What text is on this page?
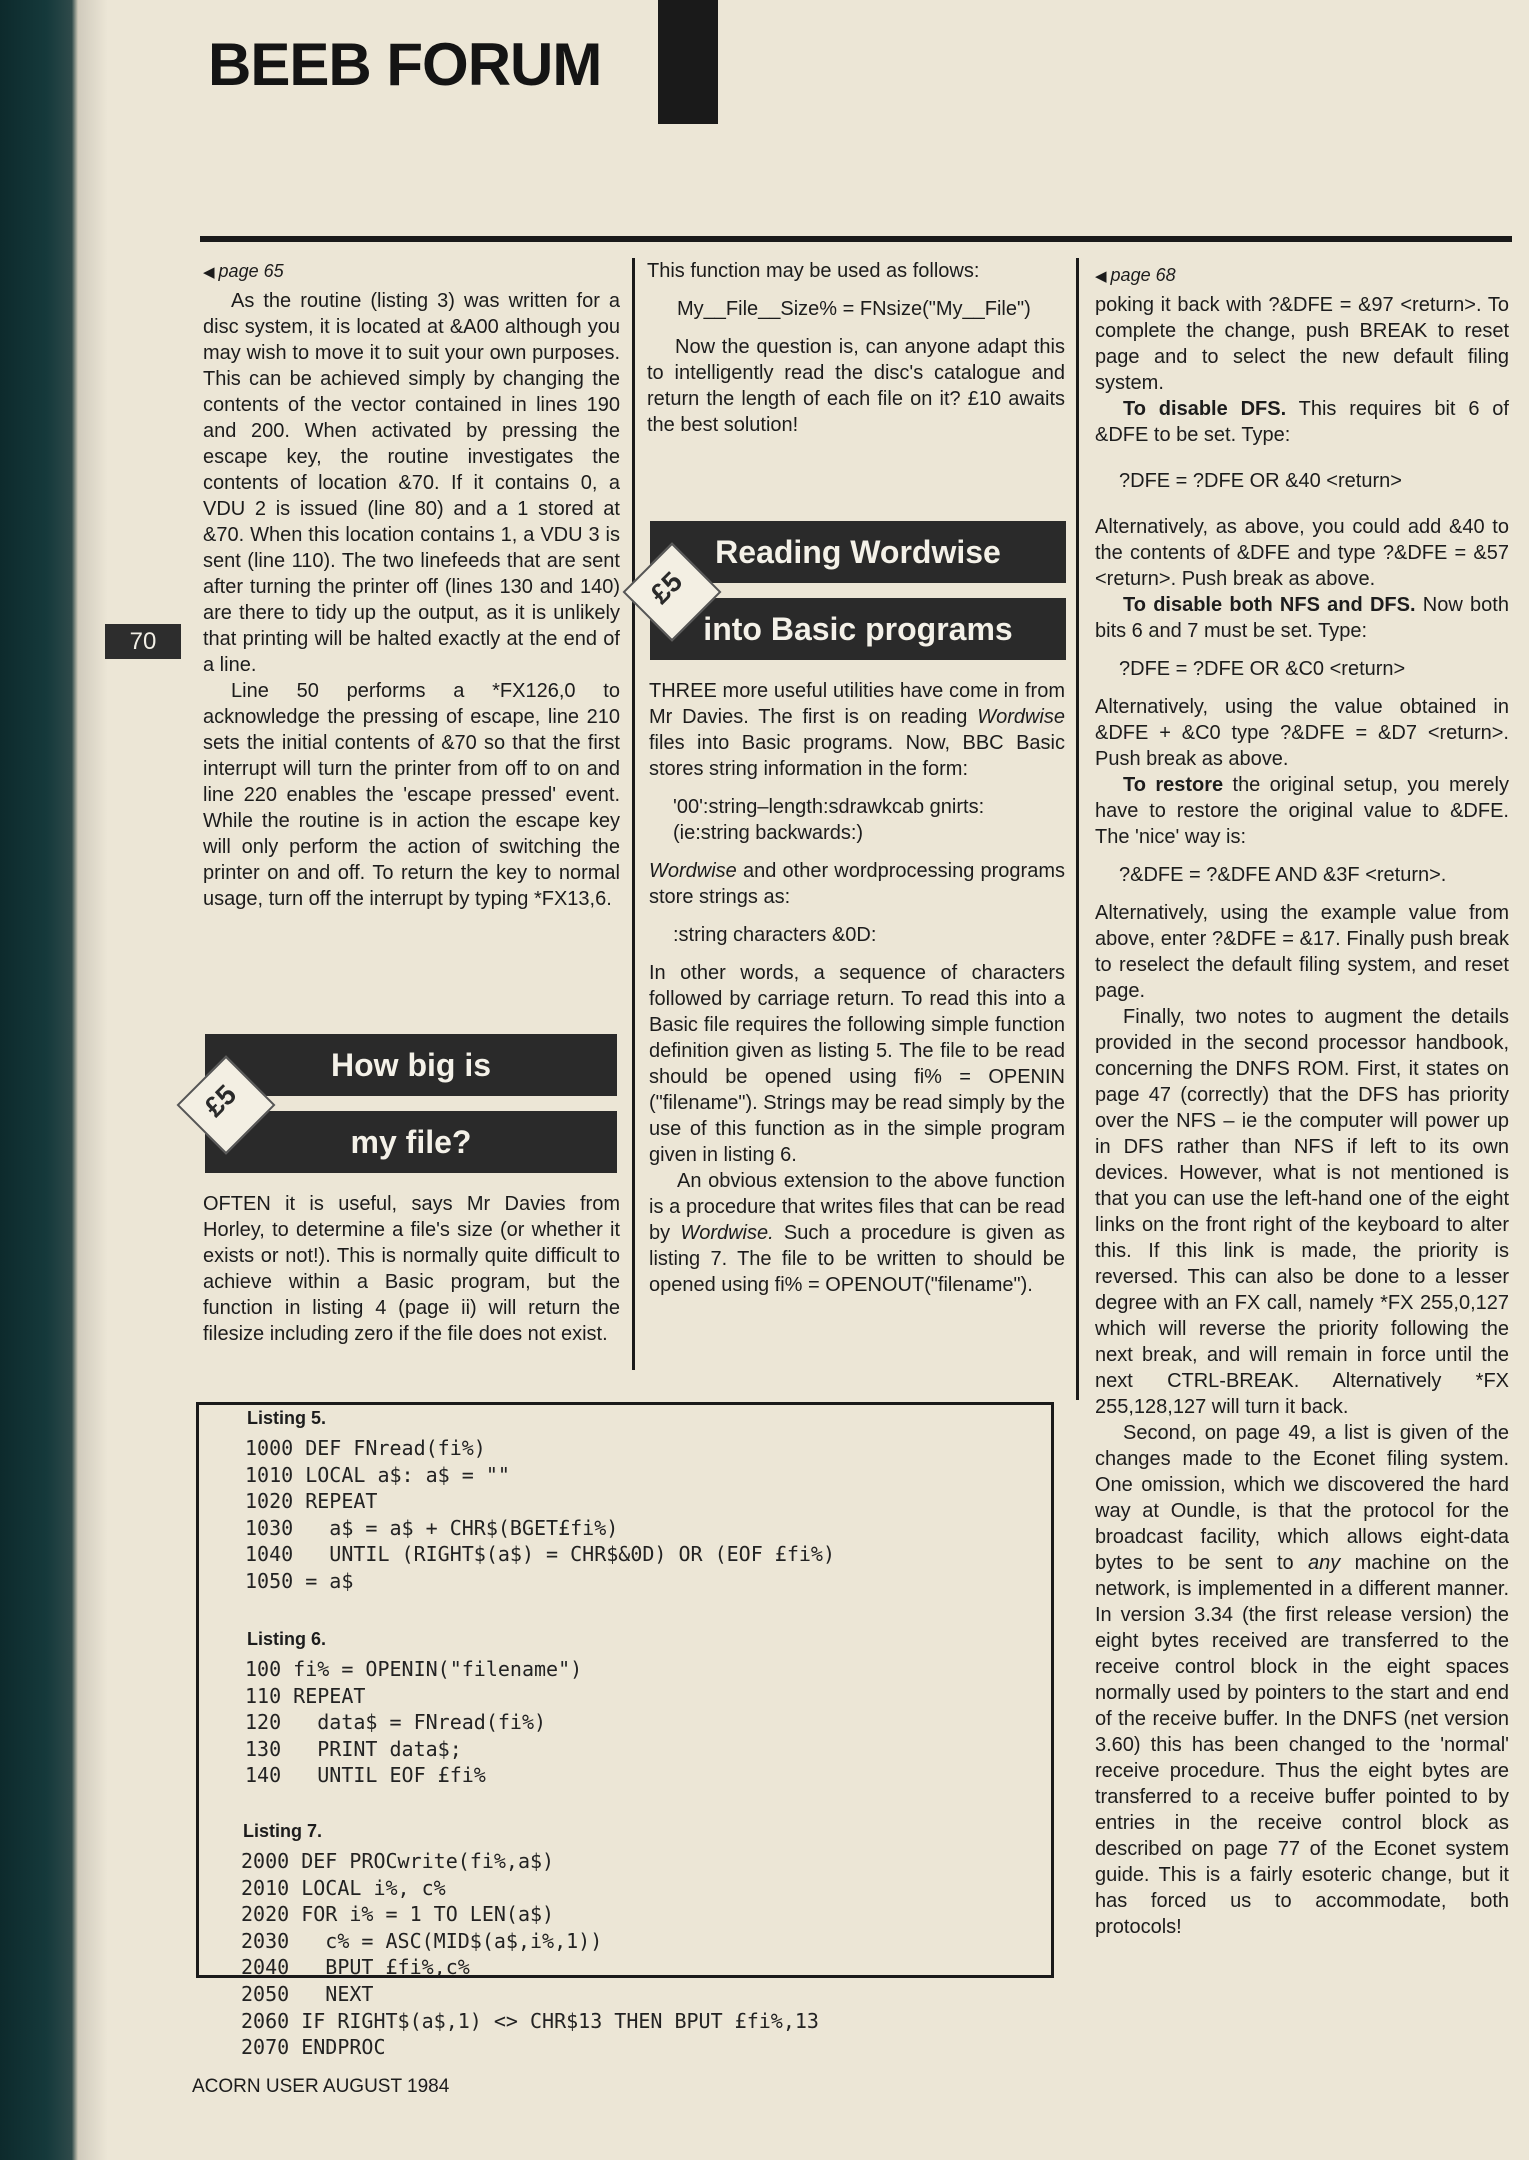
BEEB FORUM
70

◀ page 65

As the routine (listing 3) was written for a disc system, it is located at &A00 although you may wish to move it to suit your own purposes. This can be achieved simply by changing the contents of the vector contained in lines 190 and 200. When activated by pressing the escape key, the routine investigates the contents of location &70. If it contains 0, a VDU 2 is issued (line 80) and a 1 stored at &70. When this location contains 1, a VDU 3 is sent (line 110). The two linefeeds that are sent after turning the printer off (lines 130 and 140) are there to tidy up the output, as it is unlikely that printing will be halted exactly at the end of a line.

Line 50 performs a *FX126,0 to acknowledge the pressing of escape, line 210 sets the initial contents of &70 so that the first interrupt will turn the printer from off to on and line 220 enables the 'escape pressed' event. While the routine is in action the escape key will only perform the action of switching the printer on and off. To return the key to normal usage, turn off the interrupt by typing *FX13,6.

How big is
my file?
£5

OFTEN it is useful, says Mr Davies from Horley, to determine a file's size (or whether it exists or not!). This is normally quite difficult to achieve within a Basic program, but the function in listing 4 (page ii) will return the filesize including zero if the file does not exist.

This function may be used as follows:

My__File__Size% = FNsize("My__File")

Now the question is, can anyone adapt this to intelligently read the disc's catalogue and return the length of each file on it? £10 awaits the best solution!

Reading Wordwise
into Basic programs
£5

THREE more useful utilities have come in from Mr Davies. The first is on reading Wordwise files into Basic programs. Now, BBC Basic stores string information in the form:

'00':string–length:sdrawkcab gnirts: (ie:string backwards:)

Wordwise and other wordprocessing programs store strings as:

:string characters &0D:

In other words, a sequence of characters followed by carriage return. To read this into a Basic file requires the following simple function definition given as listing 5. The file to be read should be opened using fi% = OPENIN ("filename"). Strings may be read simply by the use of this function as in the simple program given in listing 6.

An obvious extension to the above function is a procedure that writes files that can be read by Wordwise. Such a procedure is given as listing 7. The file to be written to should be opened using fi% = OPENOUT("filename").

Listing 5.
1000 DEF FNread(fi%)
1010 LOCAL a$: a$ = ""
1020 REPEAT
1030   a$ = a$ + CHR$(BGET£fi%)
1040   UNTIL (RIGHT$(a$) = CHR$&0D) OR (EOF £fi%)
1050 = a$
Listing 6.
100 fi% = OPENIN("filename")
110 REPEAT
120   data$ = FNread(fi%)
130   PRINT data$;
140   UNTIL EOF £fi%
Listing 7.
2000 DEF PROCwrite(fi%,a$)
2010 LOCAL i%, c%
2020 FOR i% = 1 TO LEN(a$)
2030   c% = ASC(MID$(a$,i%,1))
2040   BPUT £fi%,c%
2050   NEXT
2060 IF RIGHT$(a$,1) <> CHR$13 THEN BPUT £fi%,13
2070 ENDPROC

◀ page 68

poking it back with ?&DFE = &97 <return>. To complete the change, push BREAK to reset page and to select the new default filing system.

To disable DFS. This requires bit 6 of &DFE to be set. Type:

?DFE = ?DFE OR &40 <return>

Alternatively, as above, you could add &40 to the contents of &DFE and type ?&DFE = &57 <return>. Push break as above.

To disable both NFS and DFS. Now both bits 6 and 7 must be set. Type:

?DFE = ?DFE OR &C0 <return>

Alternatively, using the value obtained in &DFE + &C0 type ?&DFE = &D7 <return>. Push break as above.

To restore the original setup, you merely have to restore the original value to &DFE. The 'nice' way is:

?&DFE = ?&DFE AND &3F <return>.

Alternatively, using the example value from above, enter ?&DFE = &17. Finally push break to reselect the default filing system, and reset page.

Finally, two notes to augment the details provided in the second processor handbook, concerning the DNFS ROM. First, it states on page 47 (correctly) that the DFS has priority over the NFS – ie the computer will power up in DFS rather than NFS if left to its own devices. However, what is not mentioned is that you can use the left-hand one of the eight links on the front right of the keyboard to alter this. If this link is made, the priority is reversed. This can also be done to a lesser degree with an FX call, namely *FX 255,0,127 which will reverse the priority following the next break, and will remain in force until the next CTRL-BREAK. Alternatively *FX 255,128,127 will turn it back.

Second, on page 49, a list is given of the changes made to the Econet filing system. One omission, which we discovered the hard way at Oundle, is that the protocol for the broadcast facility, which allows eight-data bytes to be sent to any machine on the network, is implemented in a different manner. In version 3.34 (the first release version) the eight bytes received are transferred to the receive control block in the eight spaces normally used by pointers to the start and end of the receive buffer. In the DNFS (net version 3.60) this has been changed to the 'normal' receive procedure. Thus the eight bytes are transferred to a receive buffer pointed to by entries in the receive control block as described on page 77 of the Econet system guide. This is a fairly esoteric change, but it has forced us to accommodate, both protocols!

ACORN USER AUGUST 1984
